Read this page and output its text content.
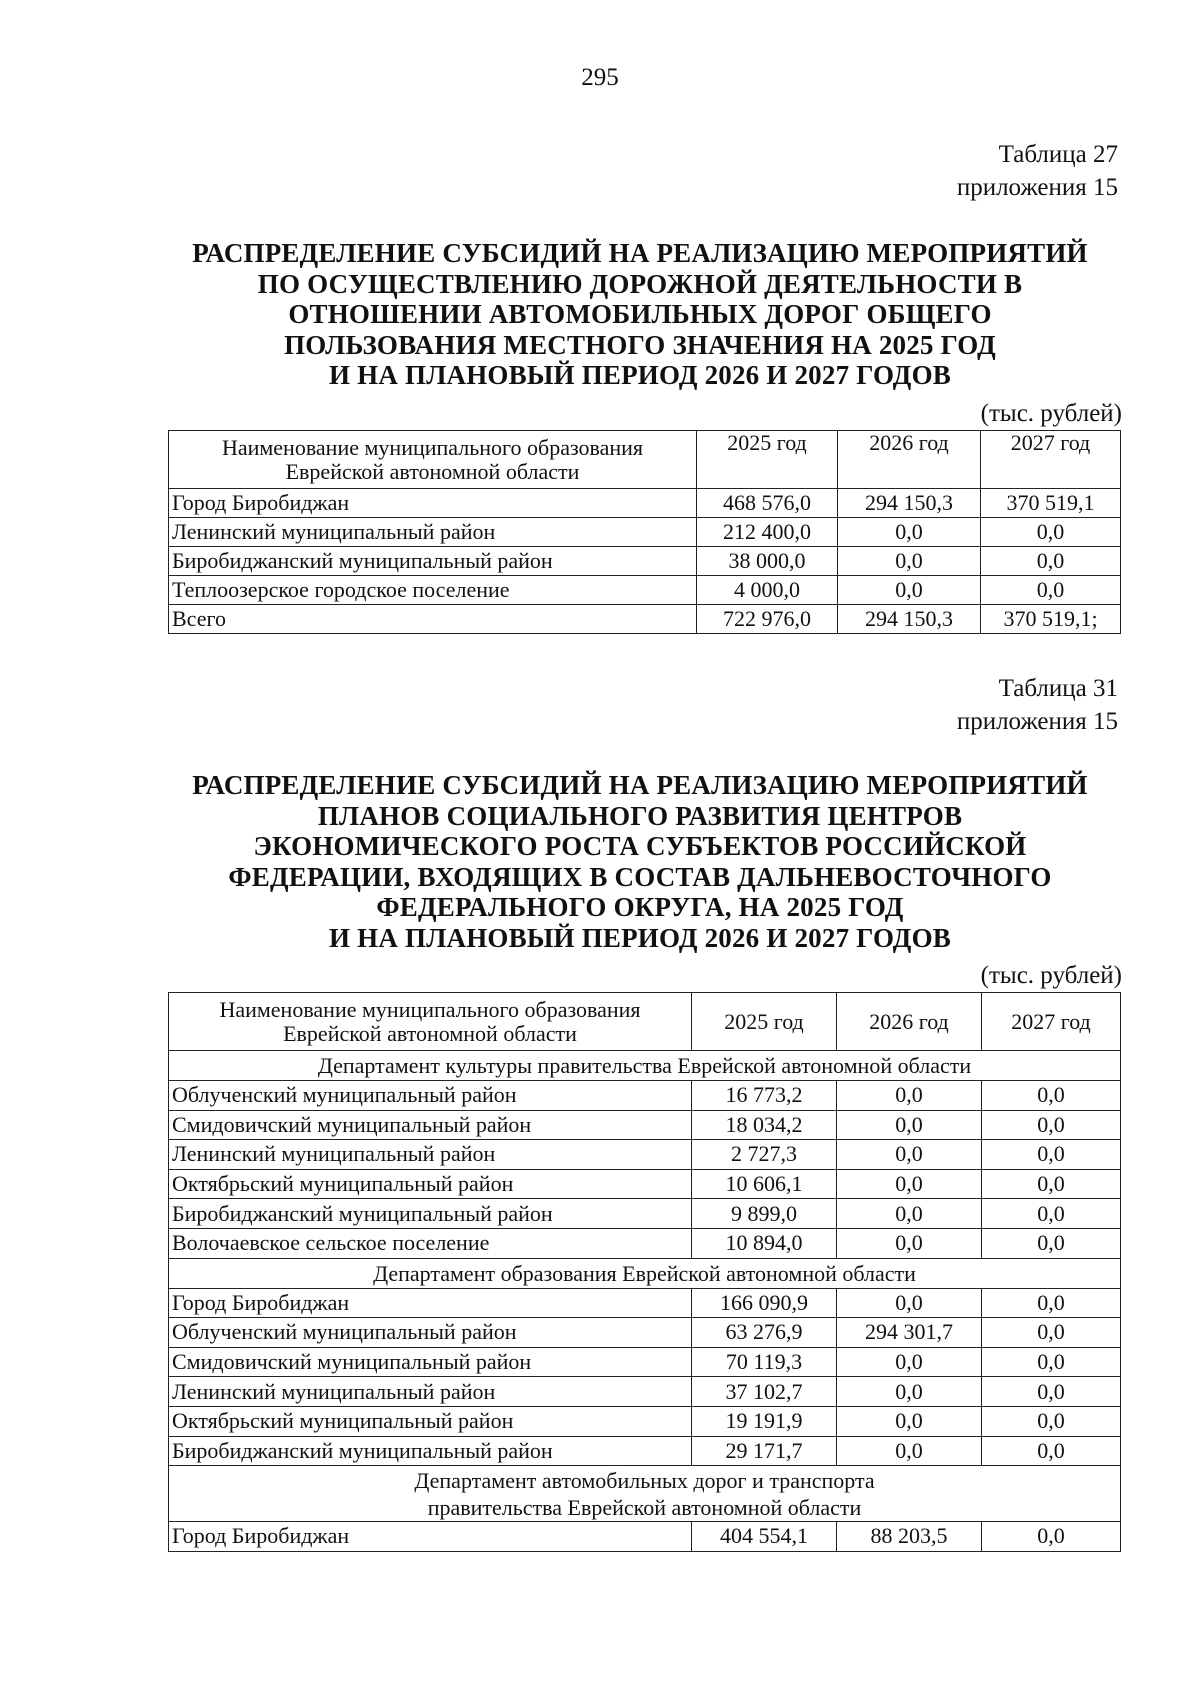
295
Таблица 27
приложения 15
РАСПРЕДЕЛЕНИЕ СУБСИДИЙ НА РЕАЛИЗАЦИЮ МЕРОПРИЯТИЙ
ПО ОСУЩЕСТВЛЕНИЮ ДОРОЖНОЙ ДЕЯТЕЛЬНОСТИ В
ОТНОШЕНИИ АВТОМОБИЛЬНЫХ ДОРОГ ОБЩЕГО
ПОЛЬЗОВАНИЯ МЕСТНОГО ЗНАЧЕНИЯ НА 2025 ГОД
И НА ПЛАНОВЫЙ ПЕРИОД 2026 И 2027 ГОДОВ
(тыс. рублей)
Наименование муниципального образования
Еврейской автономной области	2025 год	2026 год	2027 год
Город Биробиджан	468 576,0	294 150,3	370 519,1
Ленинский муниципальный район	212 400,0	0,0	0,0
Биробиджанский муниципальный район	38 000,0	0,0	0,0
Теплоозерское городское поселение	4 000,0	0,0	0,0
Всего	722 976,0	294 150,3	370 519,1;
Таблица 31
приложения 15
РАСПРЕДЕЛЕНИЕ СУБСИДИЙ НА РЕАЛИЗАЦИЮ МЕРОПРИЯТИЙ
ПЛАНОВ СОЦИАЛЬНОГО РАЗВИТИЯ ЦЕНТРОВ
ЭКОНОМИЧЕСКОГО РОСТА СУБЪЕКТОВ РОССИЙСКОЙ
ФЕДЕРАЦИИ, ВХОДЯЩИХ В СОСТАВ ДАЛЬНЕВОСТОЧНОГО
ФЕДЕРАЛЬНОГО ОКРУГА, НА 2025 ГОД
И НА ПЛАНОВЫЙ ПЕРИОД 2026 И 2027 ГОДОВ
(тыс. рублей)
Наименование муниципального образования
Еврейской автономной области	2025 год	2026 год	2027 год
Департамент культуры правительства Еврейской автономной области			
Облученский муниципальный район	16 773,2	0,0	0,0
Смидовичский муниципальный район	18 034,2	0,0	0,0
Ленинский муниципальный район	2 727,3	0,0	0,0
Октябрьский муниципальный район	10 606,1	0,0	0,0
Биробиджанский муниципальный район	9 899,0	0,0	0,0
Волочаевское сельское поселение	10 894,0	0,0	0,0
Департамент образования Еврейской автономной области			
Город Биробиджан	166 090,9	0,0	0,0
Облученский муниципальный район	63 276,9	294 301,7	0,0
Смидовичский муниципальный район	70 119,3	0,0	0,0
Ленинский муниципальный район	37 102,7	0,0	0,0
Октябрьский муниципальный район	19 191,9	0,0	0,0
Биробиджанский муниципальный район	29 171,7	0,0	0,0

Департамент автомобильных дорог и транспорта
правительства Еврейской автономной области			

Город Биробиджан	404 554,1	88 203,5	0,0
